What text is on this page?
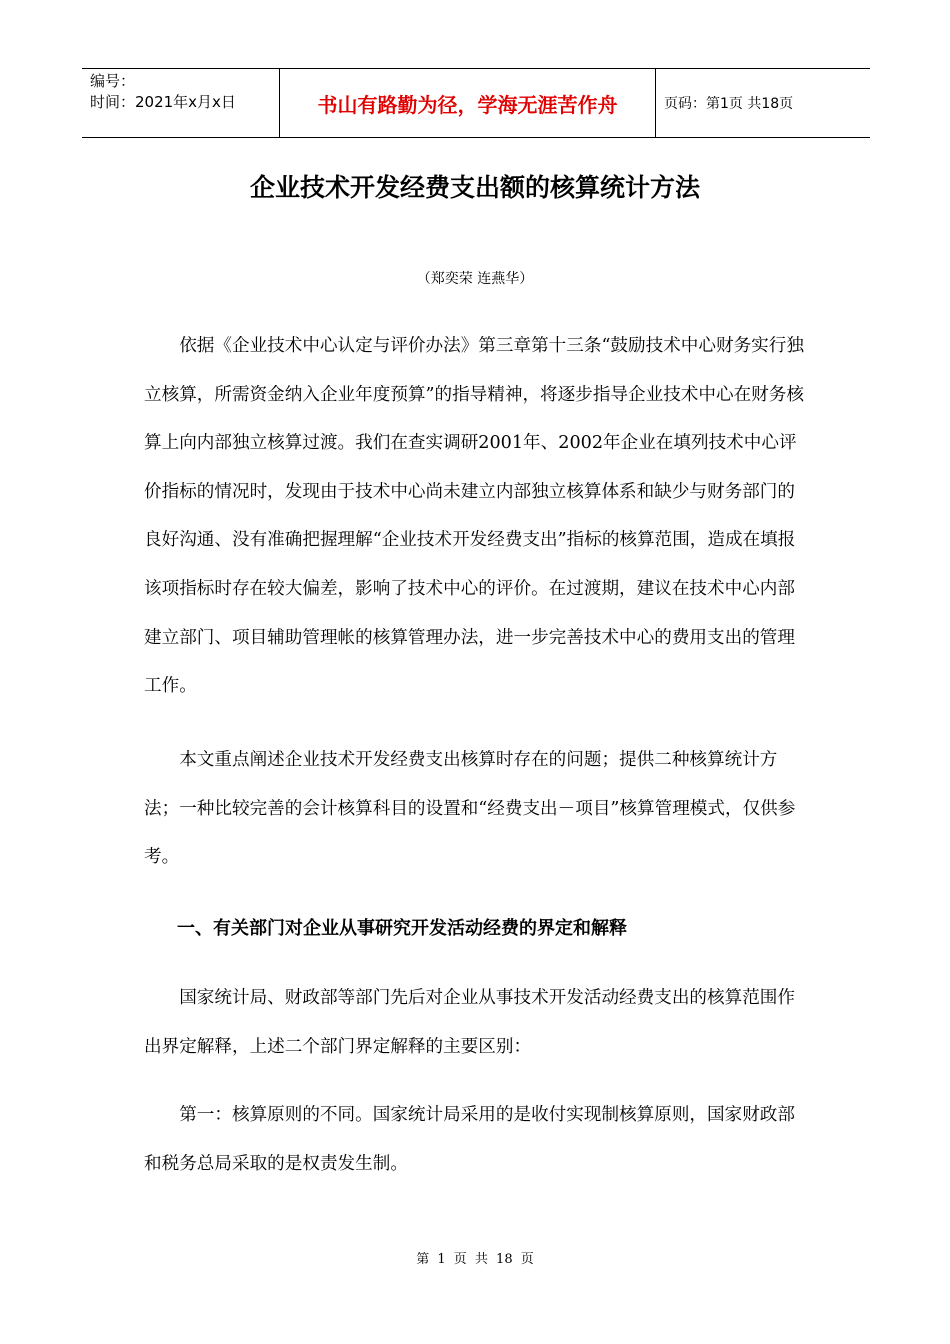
编号：
时间：2021年x月x日	书山有路勤为径，学海无涯苦作舟	页码：第1页 共18页
企业技术开发经费支出额的核算统计方法
（郑奕荣 连燕华）

依据《企业技术中心认定与评价办法》第三章第十三条“鼓励技术中心财务实行独立核算，所需资金纳入企业年度预算”的指导精神，将逐步指导企业技术中心在财务核算上向内部独立核算过渡。我们在查实调研2001年、2002年企业在填列技术中心评价指标的情况时，发现由于技术中心尚未建立内部独立核算体系和缺少与财务部门的良好沟通、没有准确把握理解“企业技术开发经费支出”指标的核算范围，造成在填报该项指标时存在较大偏差，影响了技术中心的评价。在过渡期，建议在技术中心内部建立部门、项目辅助管理帐的核算管理办法，进一步完善技术中心的费用支出的管理工作。

本文重点阐述企业技术开发经费支出核算时存在的问题；提供二种核算统计方法；一种比较完善的会计核算科目的设置和“经费支出－项目”核算管理模式，仅供参考。

一、有关部门对企业从事研究开发活动经费的界定和解释

国家统计局、财政部等部门先后对企业从事技术开发活动经费支出的核算范围作出界定解释，上述二个部门界定解释的主要区别：

第一：核算原则的不同。国家统计局采用的是收付实现制核算原则，国家财政部和税务总局采取的是权责发生制。

第 1 页 共 18 页
